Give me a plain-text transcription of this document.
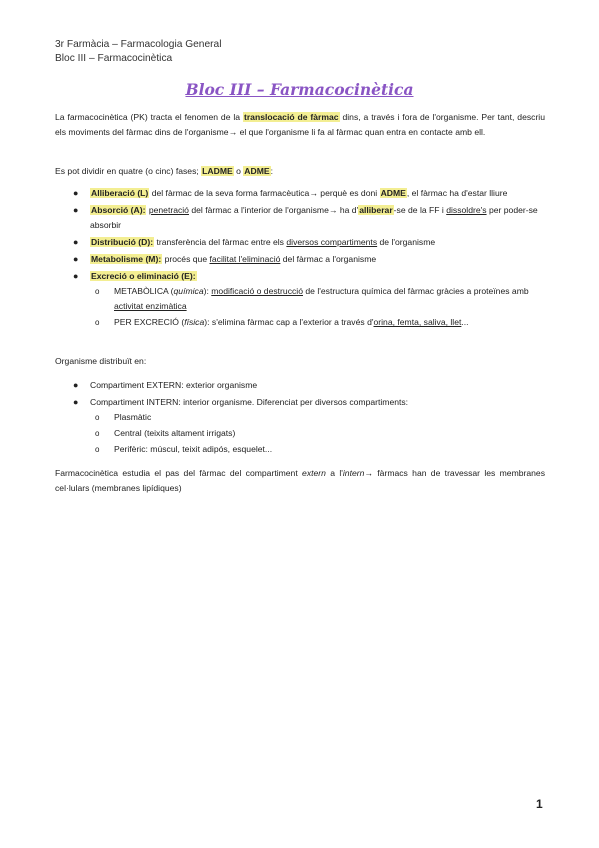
3r Farmàcia – Farmacologia General
Bloc III – Farmacocinètica
Bloc III – Farmacocinètica
La farmacocinètica (PK) tracta el fenomen de la translocació de fàrmac dins, a través i fora de l'organisme. Per tant, descriu els moviments del fàrmac dins de l'organisme→ el que l'organisme li fa al fàrmac quan entra en contacte amb ell.
Es pot dividir en quatre (o cinc) fases; LADME o ADME:
● Alliberació (L) del fàrmac de la seva forma farmacèutica→ perquè es doni ADME, el fàrmac ha d'estar lliure
● Absorció (A): penetració del fàrmac a l'interior de l'organisme→ ha d'alliberar-se de la FF i dissoldre's per poder-se absorbir
● Distribució (D): transferència del fàrmac entre els diversos compartiments de l'organisme
● Metabolisme (M): procés que facilitat l'eliminació del fàrmac a l'organisme
● Excreció o eliminació (E):
o METABÒLICA (química): modificació o destrucció de l'estructura química del fàrmac gràcies a proteïnes amb activitat enzimàtica
o PER EXCRECIÓ (física): s'elimina fàrmac cap a l'exterior a través d'orina, femta, saliva, llet...
Organisme distribuït en:
● Compartiment EXTERN: exterior organisme
● Compartiment INTERN: interior organisme. Diferenciat per diversos compartiments:
o Plasmàtic
o Central (teixits altament irrigats)
o Perifèric: múscul, teixit adipós, esquelet...
Farmacocinètica estudia el pas del fàrmac del compartiment extern a l'intern→ fàrmacs han de travessar les membranes cel·lulars (membranes lipídiques)
1
